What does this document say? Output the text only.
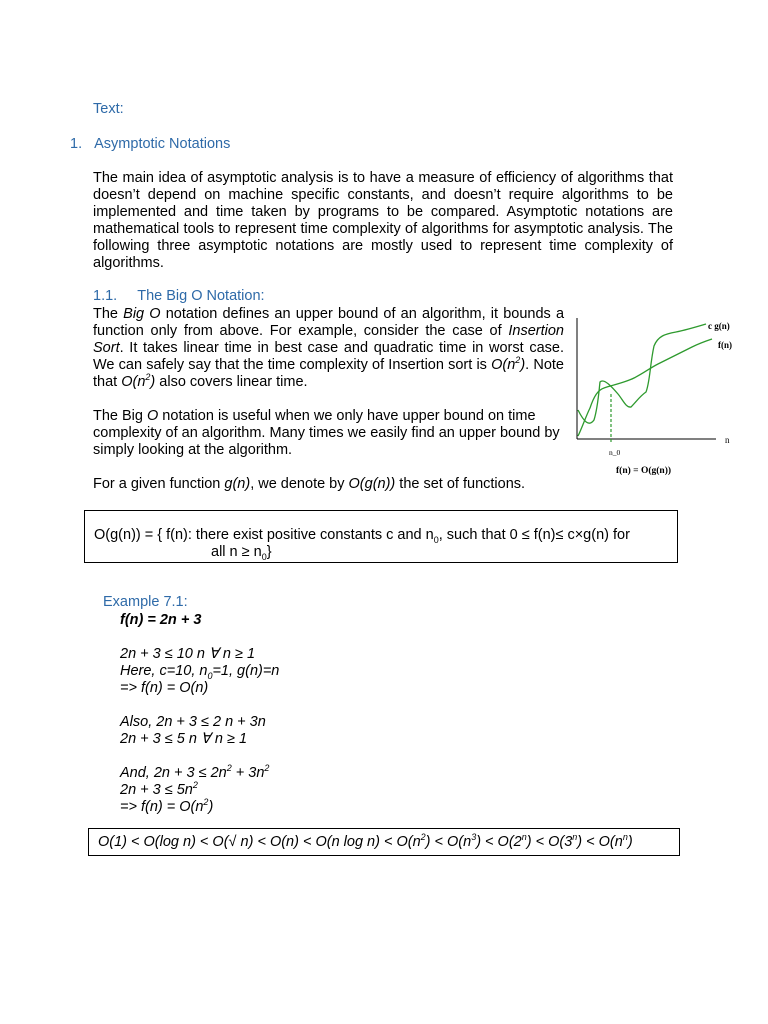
Text:
1. Asymptotic Notations

The main idea of asymptotic analysis is to have a measure of efficiency of algorithms that doesn’t depend on machine specific constants, and doesn’t require algorithms to be implemented and time taken by programs to be compared. Asymptotic notations are mathematical tools to represent time complexity of algorithms for asymptotic analysis. The following three asymptotic notations are mostly used to represent time complexity of algorithms.

1.1. The Big O Notation:

The Big O notation defines an upper bound of an algorithm, it bounds a function only from above. For example, consider the case of Insertion Sort. It takes linear time in best case and quadratic time in worst case. We can safely say that the time complexity of Insertion sort is $O(n^2)$. Note that $O(n^2)$ also covers linear time.

The Big O notation is useful when we only have upper bound on time complexity of an algorithm. Many times we easily find an upper bound by simply looking at the algorithm.

For a given function g(n), we denote by O(g(n)) the set of functions.

c g(n)
f(n)
n
n_0
f(n) = O(g(n))
O(g(n)) = { f(n): there exist positive constants c and $n_0$, such that 0 ≤ f(n)≤ c×g(n) for
all $n \ge n_0$}
Example 7.1:
f(n) = 2n + 3
2n + 3 ≤ 10 n ∀ n ≥ 1
Here, c=10, $n_0=1$, g(n)=n
=> f(n) = O(n)
Also, 2n + 3 ≤ 2 n + 3n
2n + 3 ≤ 5 n ∀ n ≥ 1
And, $2n + 3 \le 2n^2 + 3n^2$
$2n + 3 \le 5n^2$
=> $f(n) = O(n^2)$
O(1) < O(log n) < O(√ n) < O(n) < O(n $\log n) < O(n^2) < O(n^3) < O(2^n) < O(3^n) < O(n^n)$
